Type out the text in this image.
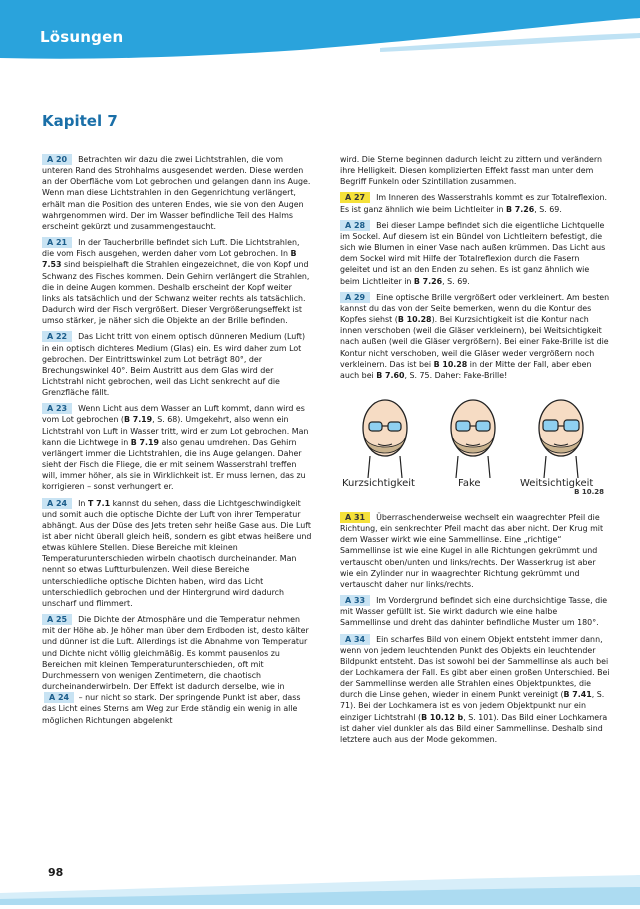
Lösungen
Kapitel 7

A 20 Betrachten wir dazu die zwei Lichtstrahlen, die vom unteren Rand des Strohhalms ausgesendet werden. Diese werden an der Oberfläche vom Lot gebrochen und gelangen dann ins Auge. Wenn man diese Lichtstrahlen in den Gegenrichtung verlängert, erhält man die Position des unteren Endes, wie sie von den Augen wahrgenommen wird. Der im Wasser befindliche Teil des Halms erscheint gekürzt und zusammengestaucht.

A 21 In der Taucherbrille befindet sich Luft. Die Lichtstrahlen, die vom Fisch ausgehen, werden daher vom Lot gebrochen. In B 7.53 sind beispielhaft die Strahlen eingezeichnet, die von Kopf und Schwanz des Fisches kommen. Dein Gehirn verlängert die Strahlen, die in deine Augen kommen. Deshalb erscheint der Kopf weiter links als tatsächlich und der Schwanz weiter rechts als tatsächlich. Dadurch wird der Fisch vergrößert. Dieser Vergrößerungseffekt ist umso stärker, je näher sich die Objekte an der Brille befinden.

A 22 Das Licht tritt von einem optisch dünneren Medium (Luft) in ein optisch dichteres Medium (Glas) ein. Es wird daher zum Lot gebrochen. Der Eintrittswinkel zum Lot beträgt 80°, der Brechungswinkel 40°. Beim Austritt aus dem Glas wird der Lichtstrahl nicht gebrochen, weil das Licht senkrecht auf die Grenzfläche fällt.

A 23 Wenn Licht aus dem Wasser an Luft kommt, dann wird es vom Lot gebrochen (B 7.19, S. 68). Umgekehrt, also wenn ein Lichtstrahl von Luft in Wasser tritt, wird er zum Lot gebrochen. Man kann die Lichtwege in B 7.19 also genau umdrehen. Das Gehirn verlängert immer die Lichtstrahlen, die ins Auge gelangen. Daher sieht der Fisch die Fliege, die er mit seinem Wasserstrahl treffen will, immer höher, als sie in Wirklichkeit ist. Er muss lernen, das zu korrigieren – sonst verhungert er.

A 24 In T 7.1 kannst du sehen, dass die Lichtgeschwindigkeit und somit auch die optische Dichte der Luft von ihrer Temperatur abhängt. Aus der Düse des Jets treten sehr heiße Gase aus. Die Luft ist aber nicht überall gleich heiß, sondern es gibt etwas heißere und etwas kühlere Stellen. Diese Bereiche mit kleinen Temperaturunterschieden wirbeln chaotisch durcheinander. Man nennt so etwas Luftturbulenzen. Weil diese Bereiche unterschiedliche optische Dichten haben, wird das Licht unterschiedlich gebrochen und der Hintergrund wird dadurch unscharf und flimmert.

A 25 Die Dichte der Atmosphäre und die Temperatur nehmen mit der Höhe ab. Je höher man über dem Erdboden ist, desto kälter und dünner ist die Luft. Allerdings ist die Abnahme von Temperatur und Dichte nicht völlig gleichmäßig. Es kommt pausenlos zu Bereichen mit kleinen Temperaturunterschieden, oft mit Durchmessern von wenigen Zentimetern, die chaotisch durcheinanderwirbeln. Der Effekt ist dadurch derselbe, wie in A 24 – nur nicht so stark. Der springende Punkt ist aber, dass das Licht eines Sterns am Weg zur Erde ständig ein wenig in alle möglichen Richtungen abgelenkt

wird. Die Sterne beginnen dadurch leicht zu zittern und verändern ihre Helligkeit. Diesen komplizierten Effekt fasst man unter dem Begriff Funkeln oder Szintillation zusammen.

A 27 Im Inneren des Wasserstrahls kommt es zur Totalreflexion. Es ist ganz ähnlich wie beim Lichtleiter in B 7.26, S. 69.

A 28 Bei dieser Lampe befindet sich die eigentliche Lichtquelle im Sockel. Auf diesem ist ein Bündel von Lichtleitern befestigt, die sich wie Blumen in einer Vase nach außen krümmen. Das Licht aus dem Sockel wird mit Hilfe der Totalreflexion durch die Fasern geleitet und ist an den Enden zu sehen. Es ist ganz ähnlich wie beim Lichtleiter in B 7.26, S. 69.

A 29 Eine optische Brille vergrößert oder verkleinert. Am besten kannst du das von der Seite bemerken, wenn du die Kontur des Kopfes siehst (B 10.28). Bei Kurzsichtigkeit ist die Kontur nach innen verschoben (weil die Gläser verkleinern), bei Weitsichtigkeit nach außen (weil die Gläser vergrößern). Bei einer Fake-Brille ist die Kontur nicht verschoben, weil die Gläser weder vergrößern noch verkleinern. Das ist bei B 10.28 in der Mitte der Fall, aber eben auch bei B 7.60, S. 75. Daher: Fake-Brille!

Kurzsichtigkeit	Fake	Weitsichtigkeit
B 10.28

A 31 Überraschenderweise wechselt ein waagrechter Pfeil die Richtung, ein senkrechter Pfeil macht das aber nicht. Der Krug mit dem Wasser wirkt wie eine Sammellinse. Eine „richtige“ Sammellinse ist wie eine Kugel in alle Richtungen gekrümmt und vertauscht oben/unten und links/rechts. Der Wasserkrug ist aber wie ein Zylinder nur in waagrechter Richtung gekrümmt und vertauscht daher nur links/rechts.

A 33 Im Vordergrund befindet sich eine durchsichtige Tasse, die mit Wasser gefüllt ist. Sie wirkt dadurch wie eine halbe Sammellinse und dreht das dahinter befindliche Muster um 180°.

A 34 Ein scharfes Bild von einem Objekt entsteht immer dann, wenn von jedem leuchtenden Punkt des Objekts ein leuchtender Bildpunkt entsteht. Das ist sowohl bei der Sammellinse als auch bei der Lochkamera der Fall. Es gibt aber einen großen Unterschied. Bei der Sammellinse werden alle Strahlen eines Objektpunktes, die durch die Linse gehen, wieder in einem Punkt vereinigt (B 7.41, S. 71). Bei der Lochkamera ist es von jedem Objektpunkt nur ein einziger Lichtstrahl (B 10.12 b, S. 101). Das Bild einer Lochkamera ist daher viel dunkler als das Bild einer Sammellinse. Deshalb sind letztere auch aus der Mode gekommen.

98
